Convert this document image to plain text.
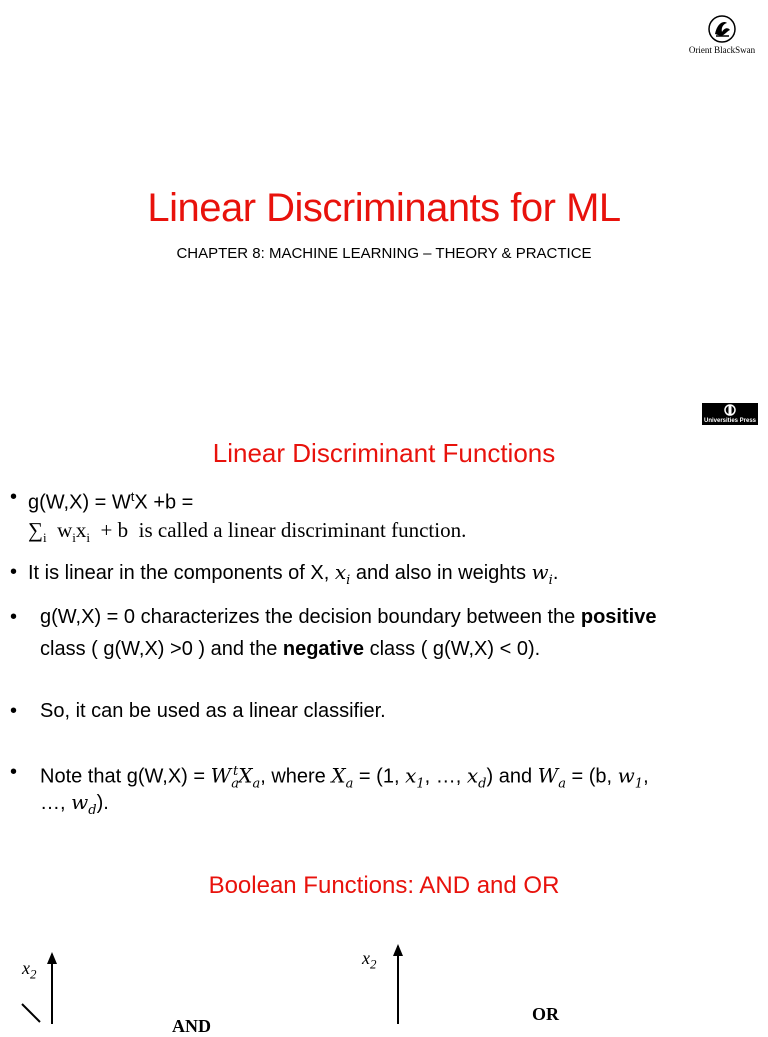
Orient BlackSwan
Linear Discriminants for ML
CHAPTER 8: MACHINE LEARNING – THEORY & PRACTICE
Universities Press
Linear Discriminant Functions
• $g(W,X) = W^tX +b$ =
$\sum_i$ $w_ix_i + b$  is called a linear discriminant function.
• It is linear in the components of X, $x_i$ and also in weights $w_i$.
• g(W,X) = 0 characterizes the decision boundary between the positive
class ( g(W,X) >0 ) and the negative class ( g(W,X) < 0).
• So, it can be used as a linear classifier.
• Note that $g(W,X) = W_a^tX_a$, where $X_a = (1$, $x_1$, …, $x_d$) and $W_a = (b$, $w_1$,
…, $w_d$).
Boolean Functions: AND and OR
$x_2$
$x_2$
AND
OR
